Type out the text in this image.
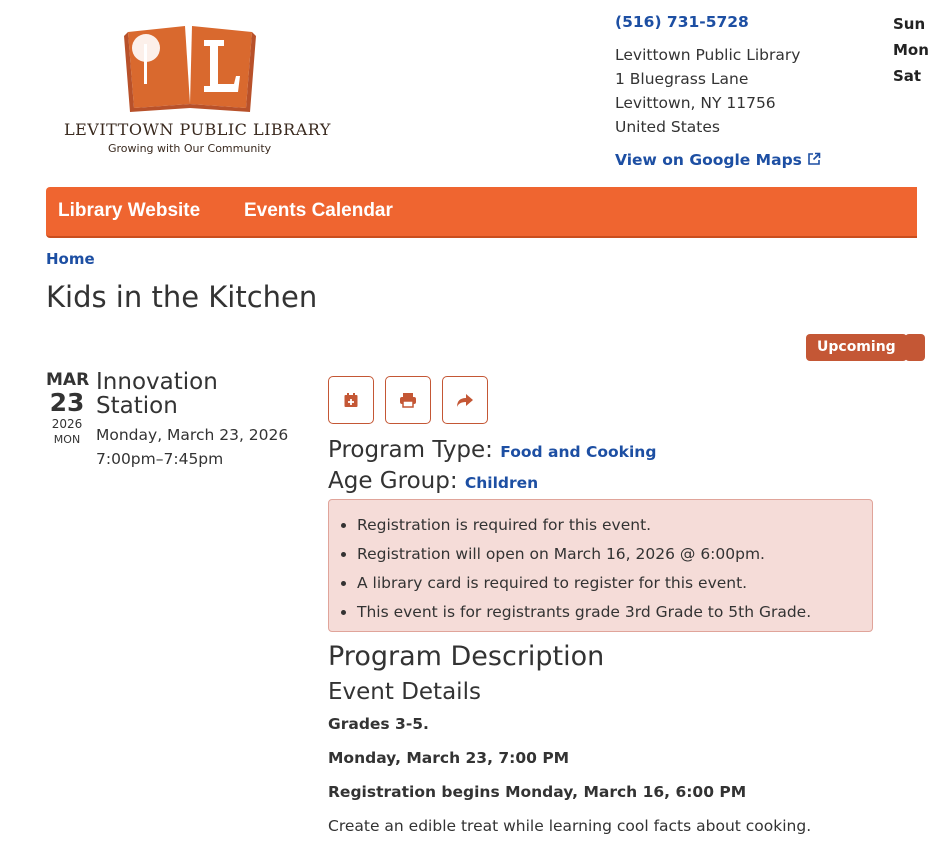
LEVITTOWN PUBLIC LIBRARY
Growing with Our Community
(516) 731-5728
Levittown Public Library
1 Bluegrass Lane
Levittown, NY 11756
United States
View on Google Maps
Sun
Mon
Sat
Library Website Events Calendar
Home
Kids in the Kitchen
Upcoming
MAR
23
2026
MON
Innovation Station
Monday, March 23, 2026
7:00pm–7:45pm	Program Type: Food and Cooking
Age Group: Children
• Registration is required for this event.
• Registration will open on March 16, 2026 @ 6:00pm.
• A library card is required to register for this event.
• This event is for registrants grade 3rd Grade to 5th Grade.
Program Description
Event Details
Grades 3-5.
Monday, March 23, 7:00 PM
Registration begins Monday, March 16, 6:00 PM
Create an edible treat while learning cool facts about cooking.
